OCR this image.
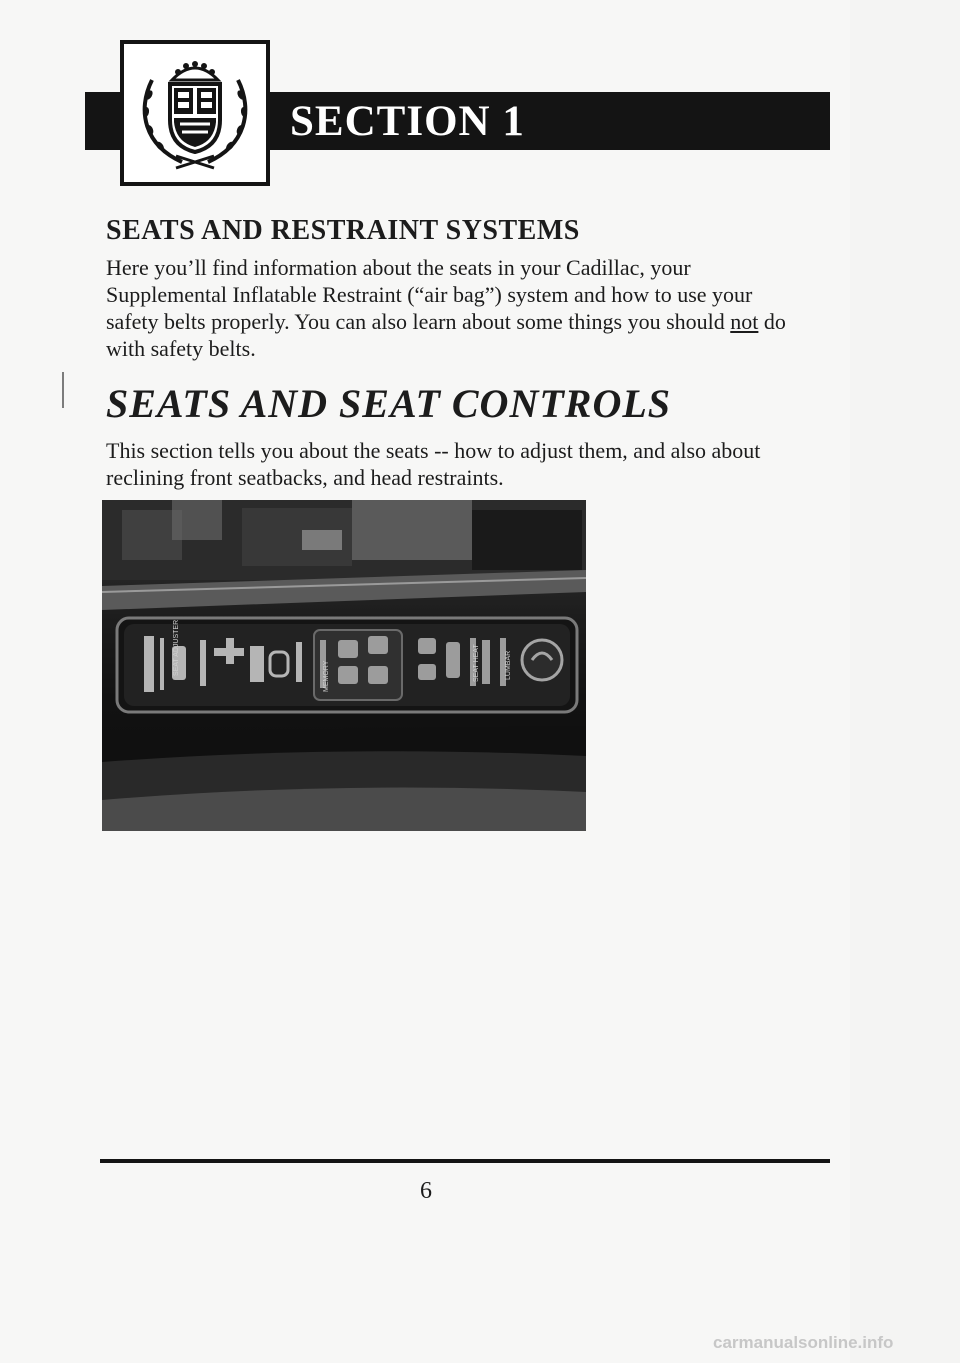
SECTION 1
SEATS AND RESTRAINT SYSTEMS
Here you’ll find information about the seats in your Cadillac, your Supplemental Inflatable Restraint (“air bag”) system and how to use your safety belts properly. You can also learn about some things you should not do with safety belts.
SEATS AND SEAT CONTROLS
This section tells you about the seats -- how to adjust them, and also about reclining front seatbacks, and head restraints.
SEAT ADJUSTER
MEMORY	SEAT HEAT	LUMBAR
6
carmanualsonline.info
